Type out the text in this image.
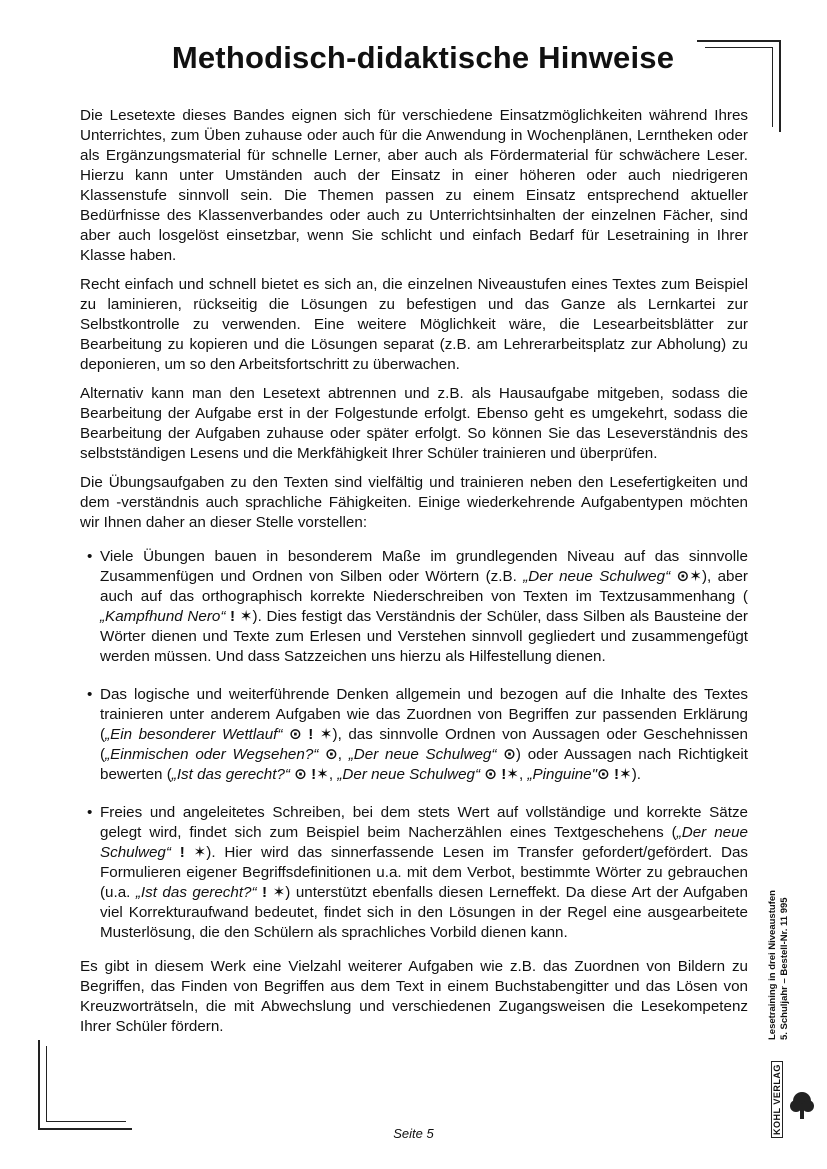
Methodisch-didaktische Hinweise

Die Lesetexte dieses Bandes eignen sich für verschiedene Einsatzmöglichkeiten während Ihres Unterrichtes, zum Üben zuhause oder auch für die Anwendung in Wochenplänen, Lerntheken oder als Ergänzungsmaterial für schnelle Lerner, aber auch als Fördermaterial für schwächere Leser. Hierzu kann unter Umständen auch der Einsatz in einer höheren oder auch niedrigeren Klassenstufe sinnvoll sein. Die Themen passen zu einem Einsatz entsprechend aktueller Bedürfnisse des Klassenverbandes oder auch zu Unterrichtsinhalten der einzelnen Fächer, sind aber auch losgelöst einsetzbar, wenn Sie schlicht und einfach Bedarf für Lesetraining in Ihrer Klasse haben.

Recht einfach und schnell bietet es sich an, die einzelnen Niveaustufen eines Textes zum Beispiel zu laminieren, rückseitig die Lösungen zu befestigen und das Ganze als Lernkartei zur Selbstkontrolle zu verwenden. Eine weitere Möglichkeit wäre, die Lesearbeitsblätter zur Bearbeitung zu kopieren und die Lösungen separat (z.B. am Lehrerarbeitsplatz zur Abholung) zu deponieren, um so den Arbeitsfortschritt zu überwachen.

Alternativ kann man den Lesetext abtrennen und z.B. als Hausaufgabe mitgeben, sodass die Bearbeitung der Aufgabe erst in der Folgestunde erfolgt. Ebenso geht es umgekehrt, sodass die Bearbeitung der Aufgaben zuhause oder später erfolgt. So können Sie das Leseverständnis des selbstständigen Lesens und die Merkfähigkeit Ihrer Schüler trainieren und überprüfen.

Die Übungsaufgaben zu den Texten sind vielfältig und trainieren neben den Lesefertigkeiten und dem -verständnis auch sprachliche Fähigkeiten. Einige wiederkehrende Aufgabentypen möchten wir Ihnen daher an dieser Stelle vorstellen:

• Viele Übungen bauen in besonderem Maße im grundlegenden Niveau auf das sinnvolle Zusammenfügen und Ordnen von Silben oder Wörtern (z.B. „Der neue Schulweg“ ⊙✶), aber auch auf das orthographisch korrekte Niederschreiben von Texten im Textzusammenhang ( „Kampfhund Nero“ ! ✶). Dies festigt das Verständnis der Schüler, dass Silben als Bausteine der Wörter dienen und Texte zum Erlesen und Verstehen sinnvoll gegliedert und zusammengefügt werden müssen. Und dass Satzzeichen uns hierzu als Hilfestellung dienen.
• Das logische und weiterführende Denken allgemein und bezogen auf die Inhalte des Textes trainieren unter anderem Aufgaben wie das Zuordnen von Begriffen zur passenden Erklärung („Ein besonderer Wettlauf“ ⊙ ! ✶), das sinnvolle Ordnen von Aussagen oder Geschehnissen („Einmischen oder Wegsehen?“ ⊙, „Der neue Schulweg“ ⊙) oder Aussagen nach Richtigkeit bewerten („Ist das gerecht?“ ⊙ !✶, „Der neue Schulweg“ ⊙ !✶, „Pinguine"⊙ !✶).
• Freies und angeleitetes Schreiben, bei dem stets Wert auf vollständige und korrekte Sätze gelegt wird, findet sich zum Beispiel beim Nacherzählen eines Textgeschehens („Der neue Schulweg“ ! ✶). Hier wird das sinnerfassende Lesen im Transfer gefordert/gefördert. Das Formulieren eigener Begriffsdefinitionen u.a. mit dem Verbot, bestimmte Wörter zu gebrauchen (u.a. „Ist das gerecht?“ ! ✶) unterstützt ebenfalls diesen Lerneffekt. Da diese Art der Aufgaben viel Korrekturaufwand bedeutet, findet sich in den Lösungen in der Regel eine ausgearbeitete Musterlösung, die den Schülern als sprachliches Vorbild dienen kann.

Es gibt in diesem Werk eine Vielzahl weiterer Aufgaben wie z.B. das Zuordnen von Bildern zu Begriffen, das Finden von Begriffen aus dem Text in einem Buchstabengitter und das Lösen von Kreuzworträtseln, die mit Abwechslung und verschiedenen Zugangsweisen die Lesekompetenz Ihrer Schüler fördern.

Seite 5
Lesetraining in drei Niveaustufen 5. Schuljahr – Bestell-Nr. 11 995
KOHL VERLAG
